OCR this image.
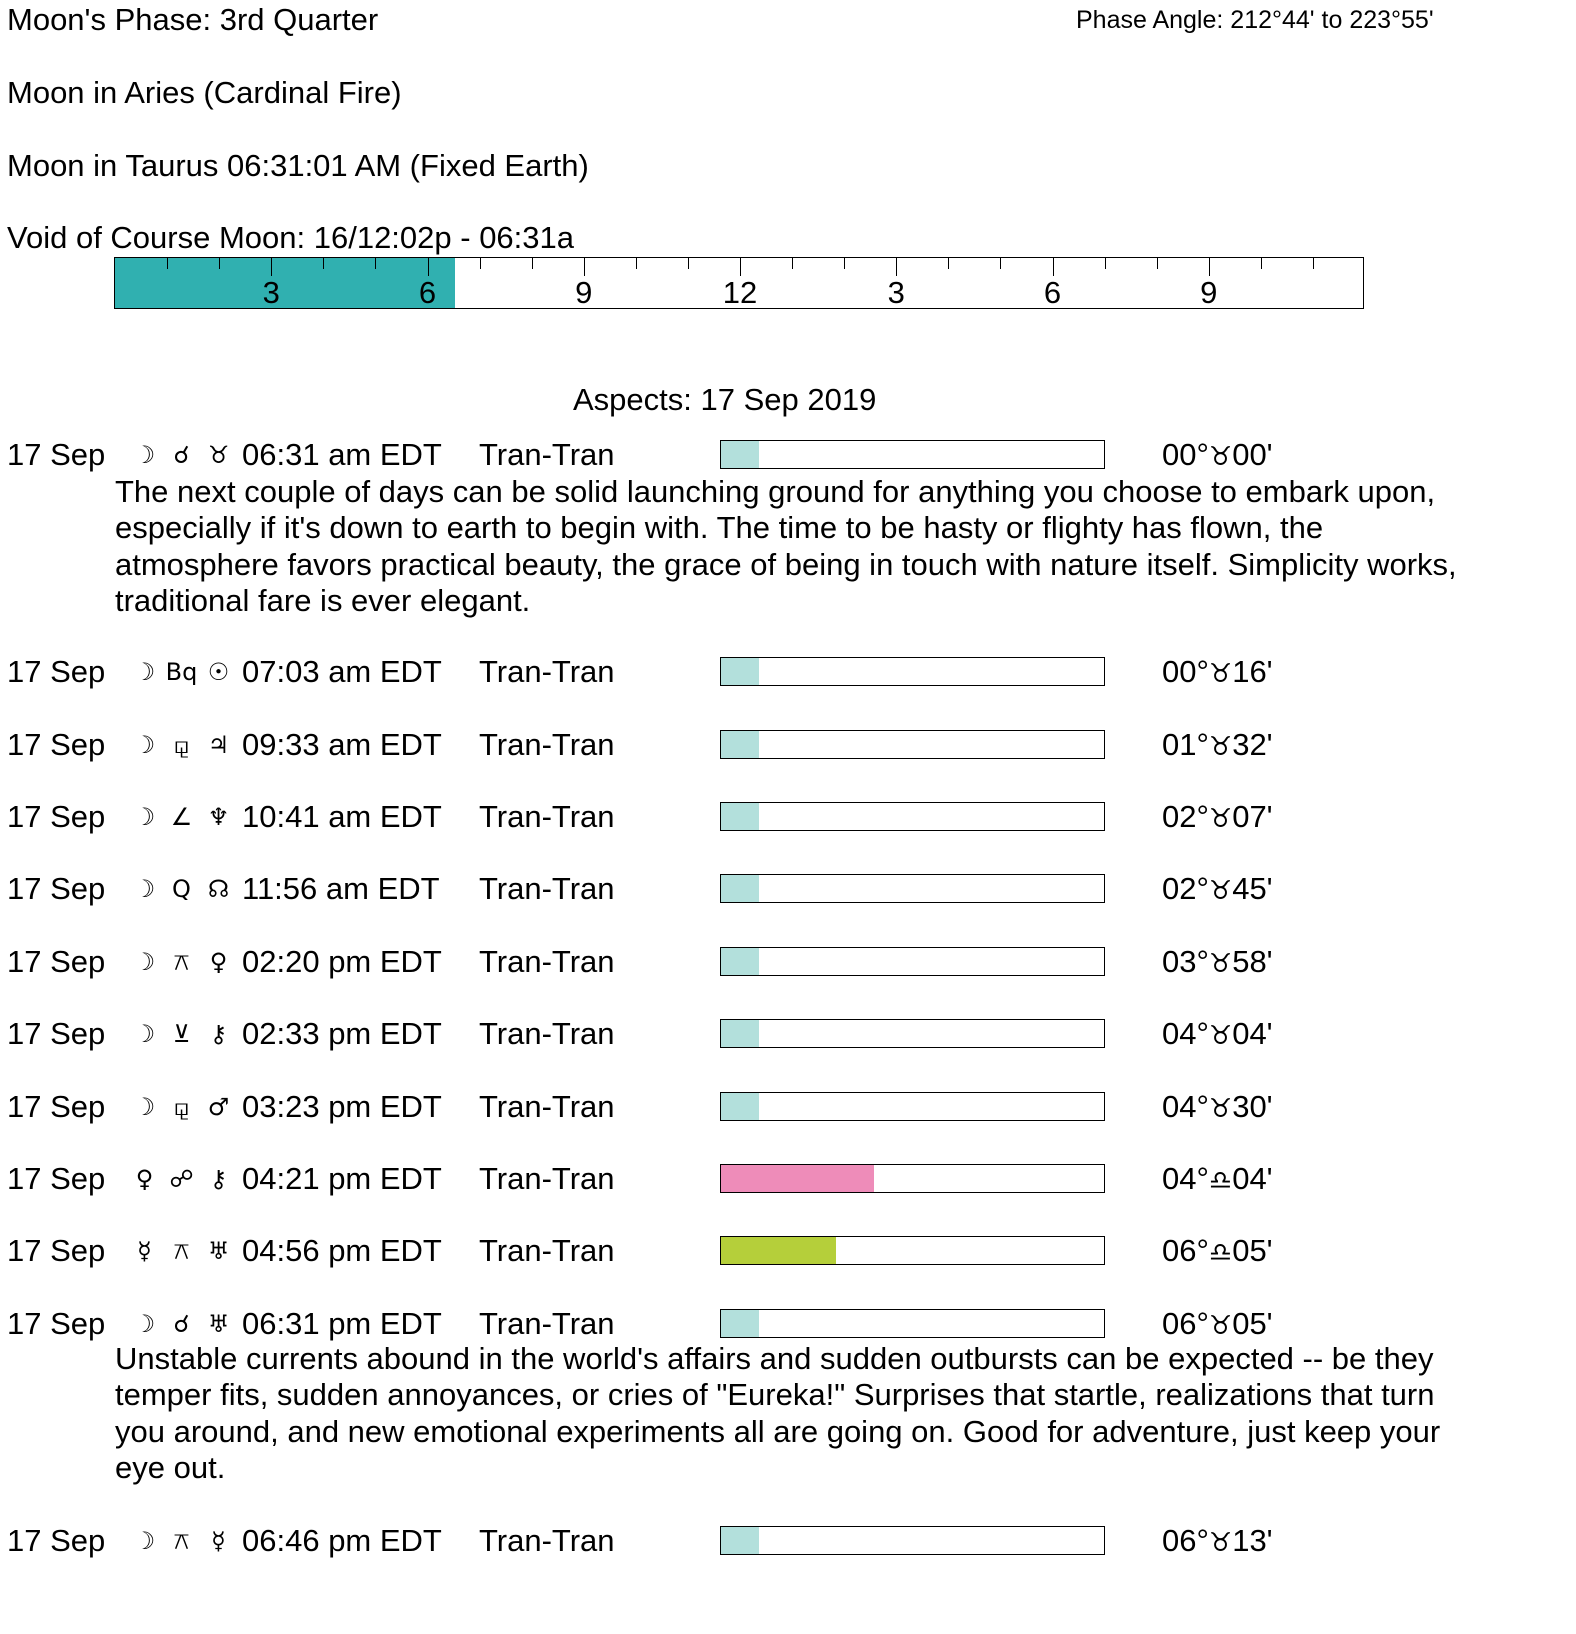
Moon's Phase: 3rd Quarter	Phase Angle: 212°44' to 223°55'
Moon in Aries (Cardinal Fire)
Moon in Taurus 06:31:01 AM (Fixed Earth)
Void of Course Moon: 16/12:02p - 06:31a
3	6	9	12	3	6	9
Aspects: 17 Sep 2019
17 Sep	☽ ☌ ♉ 06:31 am EDT Tran-Tran	00°♉00'
The next couple of days can be solid launching ground for anything you choose to embark upon, especially if it's down to earth to begin with. The time to be hasty or flighty has flown, the atmosphere favors practical beauty, the grace of being in touch with nature itself. Simplicity works, traditional fare is ever elegant.
17 Sep	☽ Bq ☉ 07:03 am EDT Tran-Tran	00°♉16'
17 Sep	☽ ⚼ ♃ 09:33 am EDT Tran-Tran	01°♉32'
17 Sep	☽ ∠ ♆ 10:41 am EDT Tran-Tran	02°♉07'
17 Sep	☽ Q ☊ 11:56 am EDT Tran-Tran	02°♉45'
17 Sep	☽ ⚻ ♀ 02:20 pm EDT Tran-Tran	03°♉58'
17 Sep	☽ ⊻ ⚷ 02:33 pm EDT Tran-Tran	04°♉04'
17 Sep	☽ ⚼ ♂ 03:23 pm EDT Tran-Tran	04°♉30'
17 Sep	♀ ☍ ⚷ 04:21 pm EDT Tran-Tran	04°♎04'
17 Sep	☿ ⚻ ♅ 04:56 pm EDT Tran-Tran	06°♎05'
17 Sep	☽ ☌ ♅ 06:31 pm EDT Tran-Tran	06°♉05'
Unstable currents abound in the world's affairs and sudden outbursts can be expected -- be they temper fits, sudden annoyances, or cries of "Eureka!" Surprises that startle, realizations that turn you around, and new emotional experiments all are going on. Good for adventure, just keep your eye out.
17 Sep	☽ ⚻ ☿ 06:46 pm EDT Tran-Tran	06°♉13'
